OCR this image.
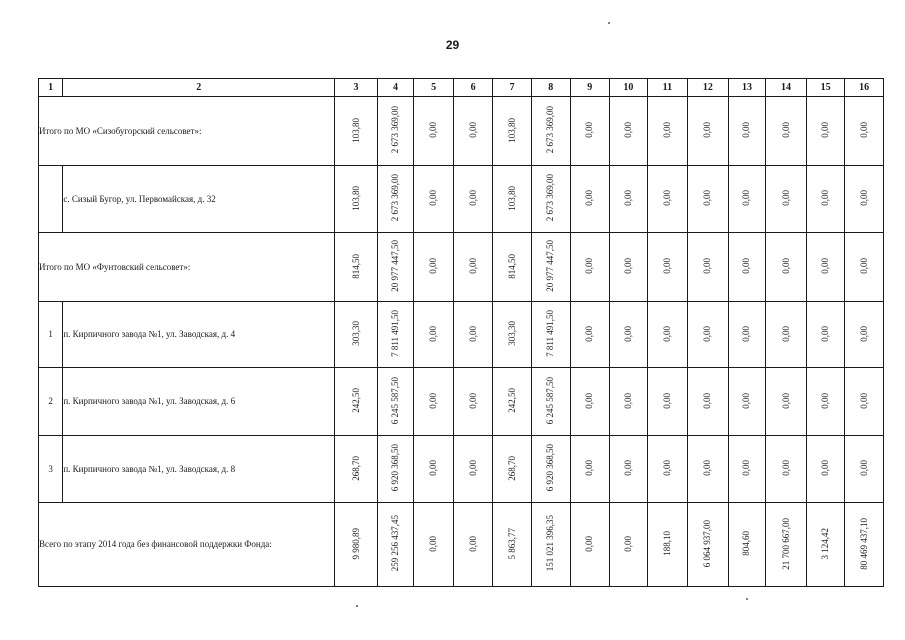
29
1	2	3	4	5	6	7	8	9	10	11	12	13	14	15	16
Итого по МО «Сизобугорский сельсовет»:		103,80	2 673 369,00	0,00	0,00	103,80	2 673 369,00	0,00	0,00	0,00	0,00	0,00	0,00	0,00	0,00
	с. Сизый Бугор, ул. Первомайская, д. 32	103,80	2 673 369,00	0,00	0,00	103,80	2 673 369,00	0,00	0,00	0,00	0,00	0,00	0,00	0,00	0,00
Итого по МО «Фунтовский сельсовет»:		814,50	20 977 447,50	0,00	0,00	814,50	20 977 447,50	0,00	0,00	0,00	0,00	0,00	0,00	0,00	0,00
1	п. Кирпичного завода №1, ул. Заводская, д. 4	303,30	7 811 491,50	0,00	0,00	303,30	7 811 491,50	0,00	0,00	0,00	0,00	0,00	0,00	0,00	0,00
2	п. Кирпичного завода №1, ул. Заводская, д. 6	242,50	6 245 587,50	0,00	0,00	242,50	6 245 587,50	0,00	0,00	0,00	0,00	0,00	0,00	0,00	0,00
3	п. Кирпичного завода №1, ул. Заводская, д. 8	268,70	6 920 368,50	0,00	0,00	268,70	6 920 368,50	0,00	0,00	0,00	0,00	0,00	0,00	0,00	0,00
Всего по этапу 2014 года без финансовой поддержки Фонда:		9 980,89	259 256 437,45	0,00	0,00	5 863,77	151 021 396,35	0,00	0,00	188,10	6 064 937,00	804,60	21 700 667,00	3 124,42	80 469 437,10
